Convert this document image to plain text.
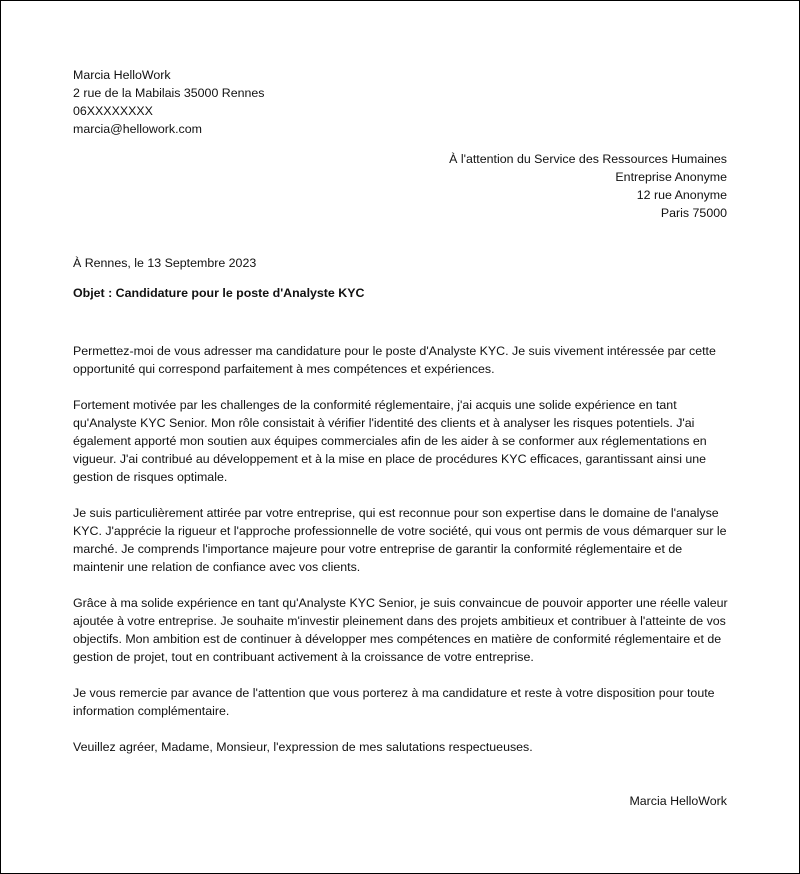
Marcia HelloWork
2 rue de la Mabilais 35000 Rennes
06XXXXXXXX
marcia@hellowork.com
À l'attention du Service des Ressources Humaines
Entreprise Anonyme
12 rue Anonyme
Paris 75000
À Rennes, le 13 Septembre 2023
Objet : Candidature pour le poste d'Analyste KYC

Permettez-moi de vous adresser ma candidature pour le poste d'Analyste KYC. Je suis vivement intéressée par cette opportunité qui correspond parfaitement à mes compétences et expériences.

Fortement motivée par les challenges de la conformité réglementaire, j'ai acquis une solide expérience en tant qu'Analyste KYC Senior. Mon rôle consistait à vérifier l'identité des clients et à analyser les risques potentiels. J'ai également apporté mon soutien aux équipes commerciales afin de les aider à se conformer aux réglementations en vigueur. J'ai contribué au développement et à la mise en place de procédures KYC efficaces, garantissant ainsi une gestion de risques optimale.

Je suis particulièrement attirée par votre entreprise, qui est reconnue pour son expertise dans le domaine de l'analyse KYC. J'apprécie la rigueur et l'approche professionnelle de votre société, qui vous ont permis de vous démarquer sur le marché. Je comprends l'importance majeure pour votre entreprise de garantir la conformité réglementaire et de maintenir une relation de confiance avec vos clients.

Grâce à ma solide expérience en tant qu'Analyste KYC Senior, je suis convaincue de pouvoir apporter une réelle valeur ajoutée à votre entreprise. Je souhaite m'investir pleinement dans des projets ambitieux et contribuer à l'atteinte de vos objectifs. Mon ambition est de continuer à développer mes compétences en matière de conformité réglementaire et de gestion de projet, tout en contribuant activement à la croissance de votre entreprise.

Je vous remercie par avance de l'attention que vous porterez à ma candidature et reste à votre disposition pour toute information complémentaire.

Veuillez agréer, Madame, Monsieur, l'expression de mes salutations respectueuses.

Marcia HelloWork
